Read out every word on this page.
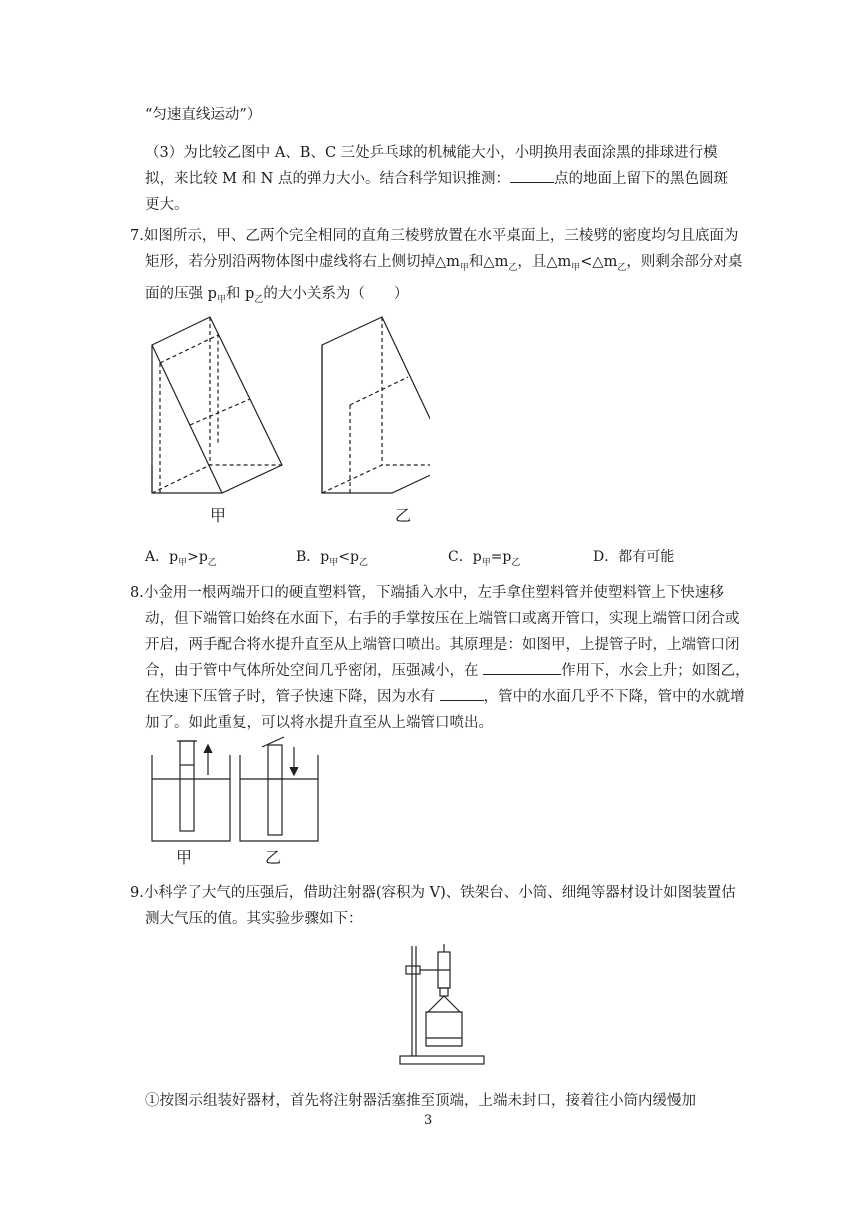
“匀速直线运动”）

（3）为比较乙图中 A、B、C 三处乒乓球的机械能大小，小明换用表面涂黑的排球进行模拟，来比较 M 和 N 点的弹力大小。结合科学知识推测：	点的地面上留下的黑色圆斑更大。

7.如图所示，甲、乙两个完全相同的直角三棱劈放置在水平桌面上，三棱劈的密度均匀且底面为矩形，若分别沿两物体图中虚线将右上侧切掉$\triangle m_甲$和$\triangle m_乙$，且$\triangle m_甲<\triangle m_乙$，则剩余部分对桌面的压强 $p_甲$和 $p_乙$的大小关系为（　　）

甲	乙
A．$p_甲>p_乙$	B．$p_甲<p_乙$	C．$p_甲=p_乙$	D．都有可能

8.小金用一根两端开口的硬直塑料管，下端插入水中，左手拿住塑料管并使塑料管上下快速移动，但下端管口始终在水面下，右手的手掌按压在上端管口或离开管口，实现上端管口闭合或开启，两手配合将水提升直至从上端管口喷出。其原理是：如图甲，上提管子时，上端管口闭合，由于管中气体所处空间几乎密闭，压强减小，在	作用下，水会上升；如图乙，在快速下压管子时，管子快速下降，因为水有	，管中的水面几乎不下降，管中的水就增加了。如此重复，可以将水提升直至从上端管口喷出。

甲	乙

9.小科学了大气的压强后，借助注射器(容积为 V)、铁架台、小筒、细绳等器材设计如图装置估测大气压的值。其实验步骤如下：

①按图示组装好器材，首先将注射器活塞推至顶端，上端未封口，接着往小筒内缓慢加

3
